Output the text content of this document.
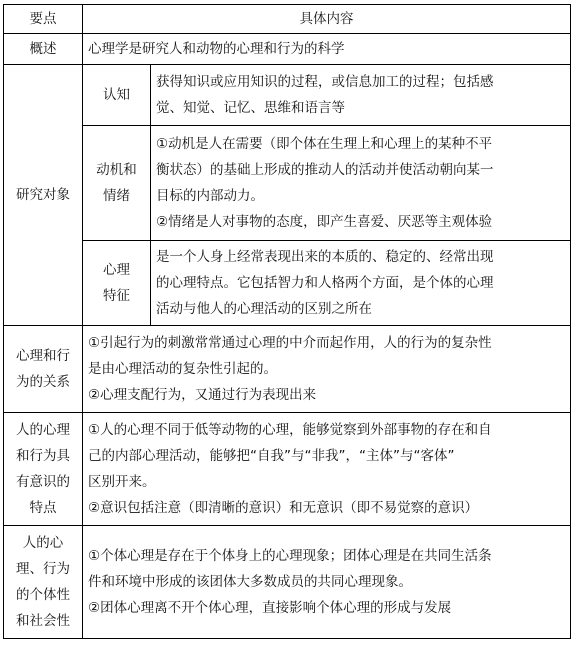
要点	具体内容	
概述	心理学是研究人和动物的心理和行为的科学	
研究对象	认知	获得知识或应用知识的过程，或信息加工的过程；包括感
觉、知觉、记忆、思维和语言等

	动机和
情绪	①动机是人在需要（即个体在生理上和心理上的某种不平
衡状态）的基础上形成的推动人的活动并使活动朝向某一
目标的内部动力。
②情绪是人对事物的态度，即产生喜爱、厌恶等主观体验

	心理
特征	是一个人身上经常表现出来的本质的、稳定的、经常出现
的心理特点。它包括智力和人格两个方面，是个体的心理
活动与他人的心理活动的区别之所在

心理和行
为的关系	①引起行为的刺激常常通过心理的中介而起作用，人的行为的复杂性
是由心理活动的复杂性引起的。
②心理支配行为，又通过行为表现出来	

人的心理
和行为具
有意识的
特点	①人的心理不同于低等动物的心理，能够觉察到外部事物的存在和自
己的内部心理活动，能够把“自我”与“非我”，“主体”与“客体”
区别开来。
②意识包括注意（即清晰的意识）和无意识（即不易觉察的意识）	

人的心
理、行为
的个体性
和社会性	①个体心理是存在于个体身上的心理现象；团体心理是在共同生活条
件和环境中形成的该团体大多数成员的共同心理现象。
②团体心理离不开个体心理，直接影响个体心理的形成与发展	
